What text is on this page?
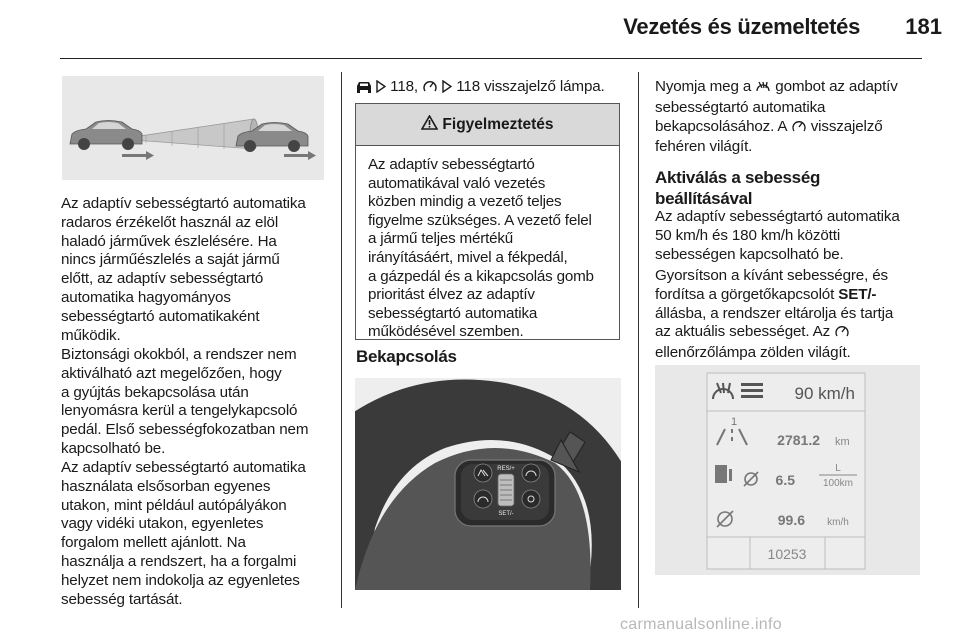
Vezetés és üzemeltetés	181
Az adaptív sebességtartó automatika
radaros érzékelőt használ az elöl
haladó járművek észlelésére. Ha
nincs járműészlelés a saját jármű
előtt, az adaptív sebességtartó
automatika hagyományos
sebességtartó automatikaként
működik.
Biztonsági okokból, a rendszer nem
aktiválható azt megelőzően, hogy
a gyújtás bekapcsolása után
lenyomásra kerül a tengelykapcsoló
pedál. Első sebességfokozatban nem
kapcsolható be.
Az adaptív sebességtartó automatika
használata elsősorban egyenes
utakon, mint például autópályákon
vagy vidéki utakon, egyenletes
forgalom mellett ajánlott. Na
használja a rendszert, ha a forgalmi
helyzet nem indokolja az egyenletes
sebesség tartását.
118,	118 visszajelző lámpa.
Figyelmeztetés
Az adaptív sebességtartó
automatikával való vezetés
közben mindig a vezető teljes
figyelme szükséges. A vezető felel
a jármű teljes mértékű
irányításáért, mivel a fékpedál,
a gázpedál és a kikapcsolás gomb
prioritást élvez az adaptív
sebességtartó automatika
működésével szemben.
Bekapcsolás
RES/+
SET/-
Nyomja meg a gombot az adaptív
sebességtartó automatika
bekapcsolásához. A visszajelző
fehéren világít.
Aktiválás a sebesség
beállításával
Az adaptív sebességtartó automatika
50 km/h és 180 km/h közötti
sebességen kapcsolható be.
Gyorsítson a kívánt sebességre, és
fordítsa a görgetőkapcsolót SET/-
állásba, a rendszer eltárolja és tartja
az aktuális sebességet. Az
ellenőrzőlámpa zölden világít.
90 km/h
1
2781.2 km
6.5
L
100km
99.6 km/h
10253
carmanualsonline.info
